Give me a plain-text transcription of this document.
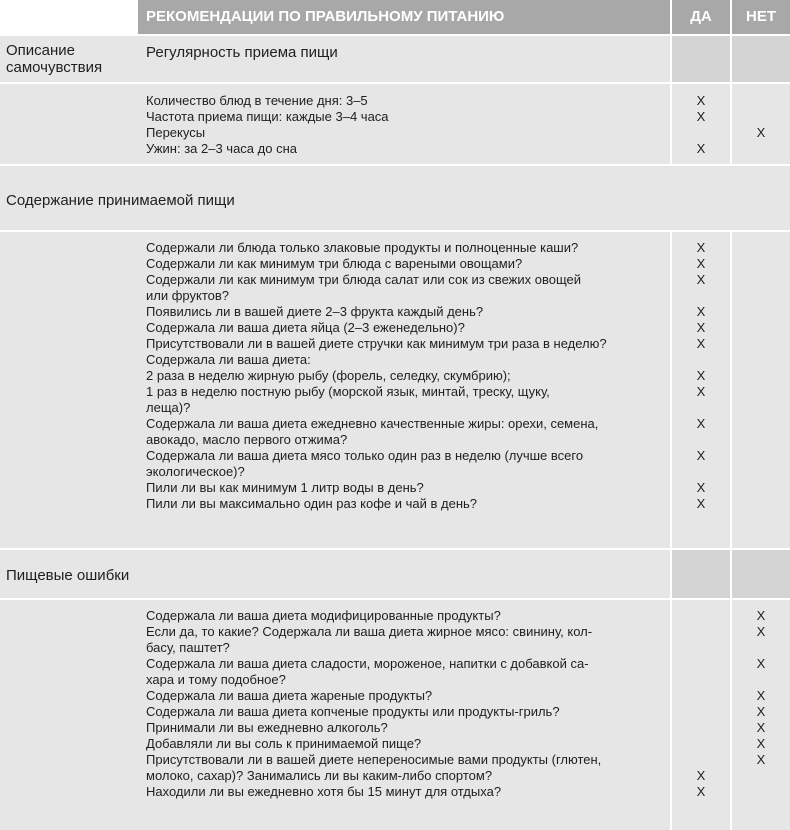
РЕКОМЕНДАЦИИ ПО ПРАВИЛЬНОМУ ПИТАНИЮ	ДА	НЕТ
Описание самочувствия
Регулярность приема пищи
Количество блюд в течение дня: 3–5
Частота приема пищи: каждые 3–4 часа
Перекусы
Ужин: за 2–3 часа до сна
X
X
X
X
Содержание принимаемой пищи
Содержали ли блюда только злаковые продукты и полноценные каши?
Содержали ли как минимум три блюда с вареными овощами?
Содержали ли как минимум три блюда салат или сок из свежих овощей
или фруктов?
Появились ли в вашей диете 2–3 фрукта каждый день?
Содержала ли ваша диета яйца (2–3 еженедельно)?
Присутствовали ли в вашей диете стручки как минимум три раза в неделю?
Содержала ли ваша диета:
2 раза в неделю жирную рыбу (форель, селедку, скумбрию);
1 раз в неделю постную рыбу (морской язык, минтай, треску, щуку,
леща)?
Содержала ли ваша диета ежедневно качественные жиры: орехи, семена,
авокадо, масло первого отжима?
Содержала ли ваша диета мясо только один раз в неделю (лучше всего
экологическое)?
Пили ли вы как минимум 1 литр воды в день?
Пили ли вы максимально один раз кофе и чай в день?
X
X
X
X
X
X
X
X
X
X
X
X
Пищевые ошибки
Содержала ли ваша диета модифицированные продукты?
Если да, то какие? Содержала ли ваша диета жирное мясо: свинину, кол-
басу, паштет?
Содержала ли ваша диета сладости, мороженое, напитки с добавкой са-
хара и тому подобное?
Содержала ли ваша диета жареные продукты?
Содержала ли ваша диета копченые продукты или продукты-гриль?
Принимали ли вы ежедневно алкоголь?
Добавляли ли вы соль к принимаемой пище?
Присутствовали ли в вашей диете непереносимые вами продукты (глютен,
молоко, сахар)? Занимались ли вы каким-либо спортом?
Находили ли вы ежедневно хотя бы 15 минут для отдыха?
X
X
X
X
X
X
X
X
X
X
